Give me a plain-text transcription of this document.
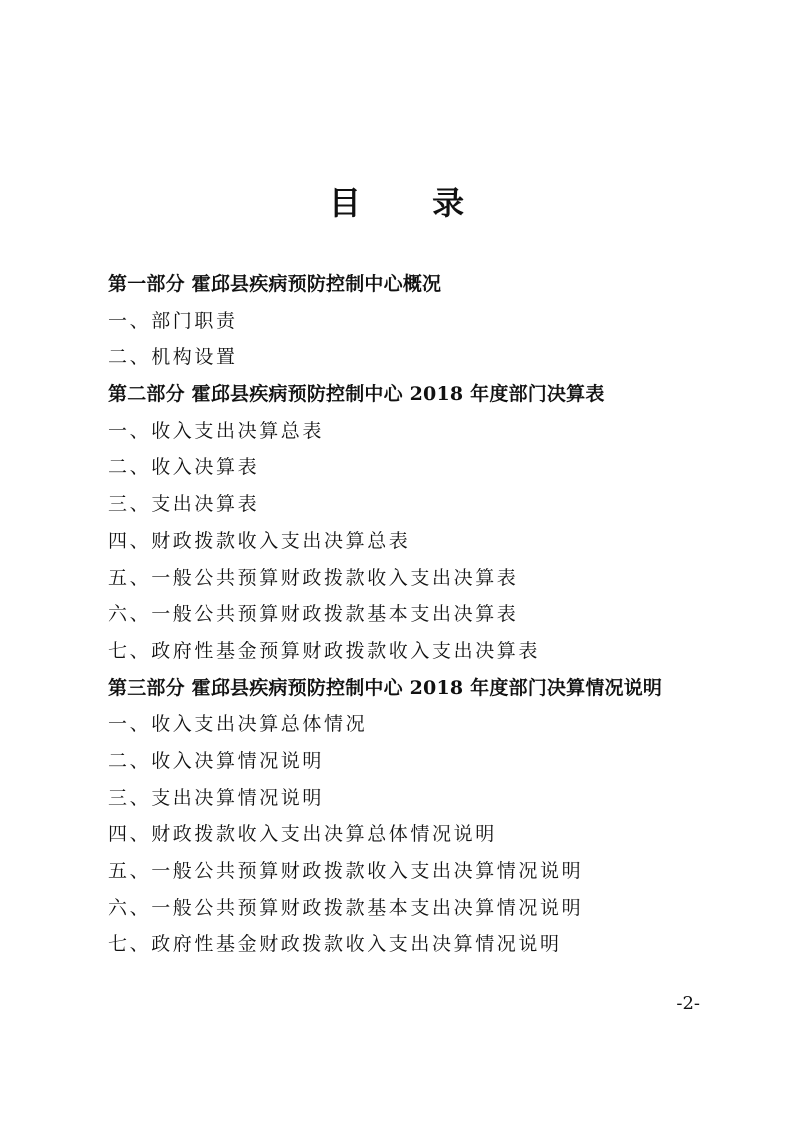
目 录
第一部分 霍邱县疾病预防控制中心概况
一、部门职责
二、机构设置
第二部分 霍邱县疾病预防控制中心 2018 年度部门决算表
一、收入支出决算总表
二、收入决算表
三、支出决算表
四、财政拨款收入支出决算总表
五、一般公共预算财政拨款收入支出决算表
六、一般公共预算财政拨款基本支出决算表
七、政府性基金预算财政拨款收入支出决算表
第三部分 霍邱县疾病预防控制中心 2018 年度部门决算情况说明
一、收入支出决算总体情况
二、收入决算情况说明
三、支出决算情况说明
四、财政拨款收入支出决算总体情况说明
五、一般公共预算财政拨款收入支出决算情况说明
六、一般公共预算财政拨款基本支出决算情况说明
七、政府性基金财政拨款收入支出决算情况说明
-2-
